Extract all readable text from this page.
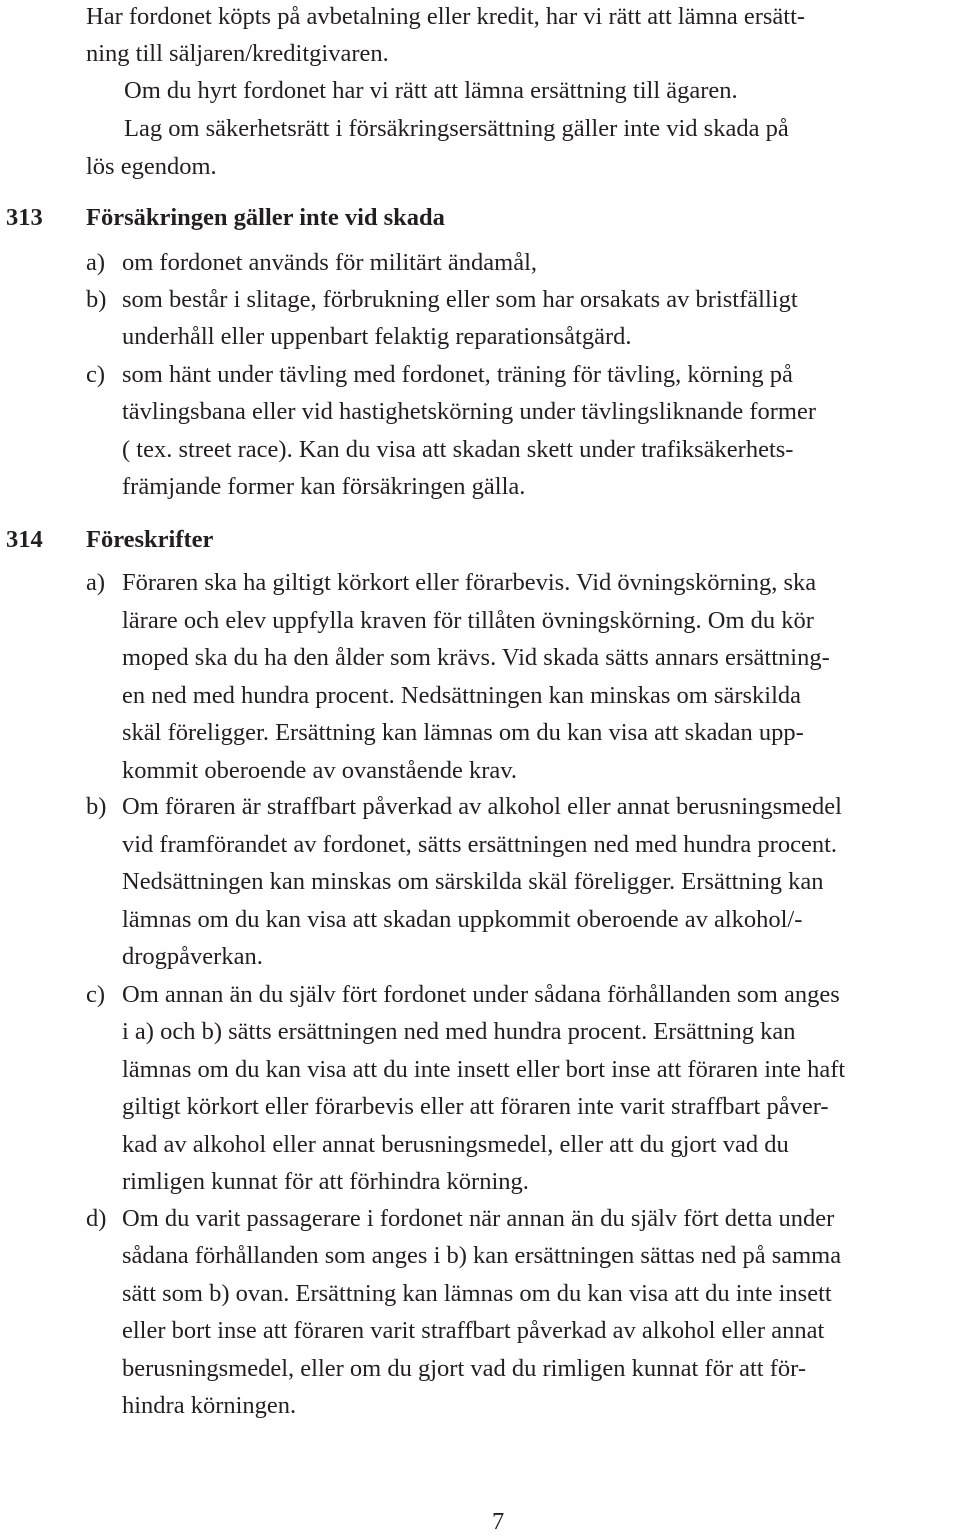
Har fordonet köpts på avbetalning eller kredit, har vi rätt att lämna ersätt-
ning till säljaren/kreditgivaren.
Om du hyrt fordonet har vi rätt att lämna ersättning till ägaren.
Lag om säkerhetsrätt i försäkringsersättning gäller inte vid skada på
lös egendom.
313 Försäkringen gäller inte vid skada
a) om fordonet används för militärt ändamål,
b) som består i slitage, förbrukning eller som har orsakats av bristfälligt
underhåll eller uppenbart felaktig reparationsåtgärd.
c) som hänt under tävling med fordonet, träning för tävling, körning på
tävlingsbana eller vid hastighetskörning under tävlingsliknande former
( tex. street race). Kan du visa att skadan skett under trafiksäkerhets-
främjande former kan försäkringen gälla.
314 Föreskrifter
a) Föraren ska ha giltigt körkort eller förarbevis. Vid övningskörning, ska
lärare och elev uppfylla kraven för tillåten övningskörning. Om du kör
moped ska du ha den ålder som krävs. Vid skada sätts annars ersättning-
en ned med hundra procent. Nedsättningen kan minskas om särskilda
skäl föreligger. Ersättning kan lämnas om du kan visa att skadan upp-
kommit oberoende av ovanstående krav.
b) Om föraren är straffbart påverkad av alkohol eller annat berusningsmedel
vid framförandet av fordonet, sätts ersättningen ned med hundra procent.
Nedsättningen kan minskas om särskilda skäl föreligger. Ersättning kan
lämnas om du kan visa att skadan uppkommit oberoende av alkohol/-
drogpåverkan.
c) Om annan än du själv fört fordonet under sådana förhållanden som anges
i a) och b) sätts ersättningen ned med hundra procent. Ersättning kan
lämnas om du kan visa att du inte insett eller bort inse att föraren inte haft
giltigt körkort eller förarbevis eller att föraren inte varit straffbart påver-
kad av alkohol eller annat berusningsmedel, eller att du gjort vad du
rimligen kunnat för att förhindra körning.
d) Om du varit passagerare i fordonet när annan än du själv fört detta under
sådana förhållanden som anges i b) kan ersättningen sättas ned på samma
sätt som b) ovan. Ersättning kan lämnas om du kan visa att du inte insett
eller bort inse att föraren varit straffbart påverkad av alkohol eller annat
berusningsmedel, eller om du gjort vad du rimligen kunnat för att för-
hindra körningen.
7
